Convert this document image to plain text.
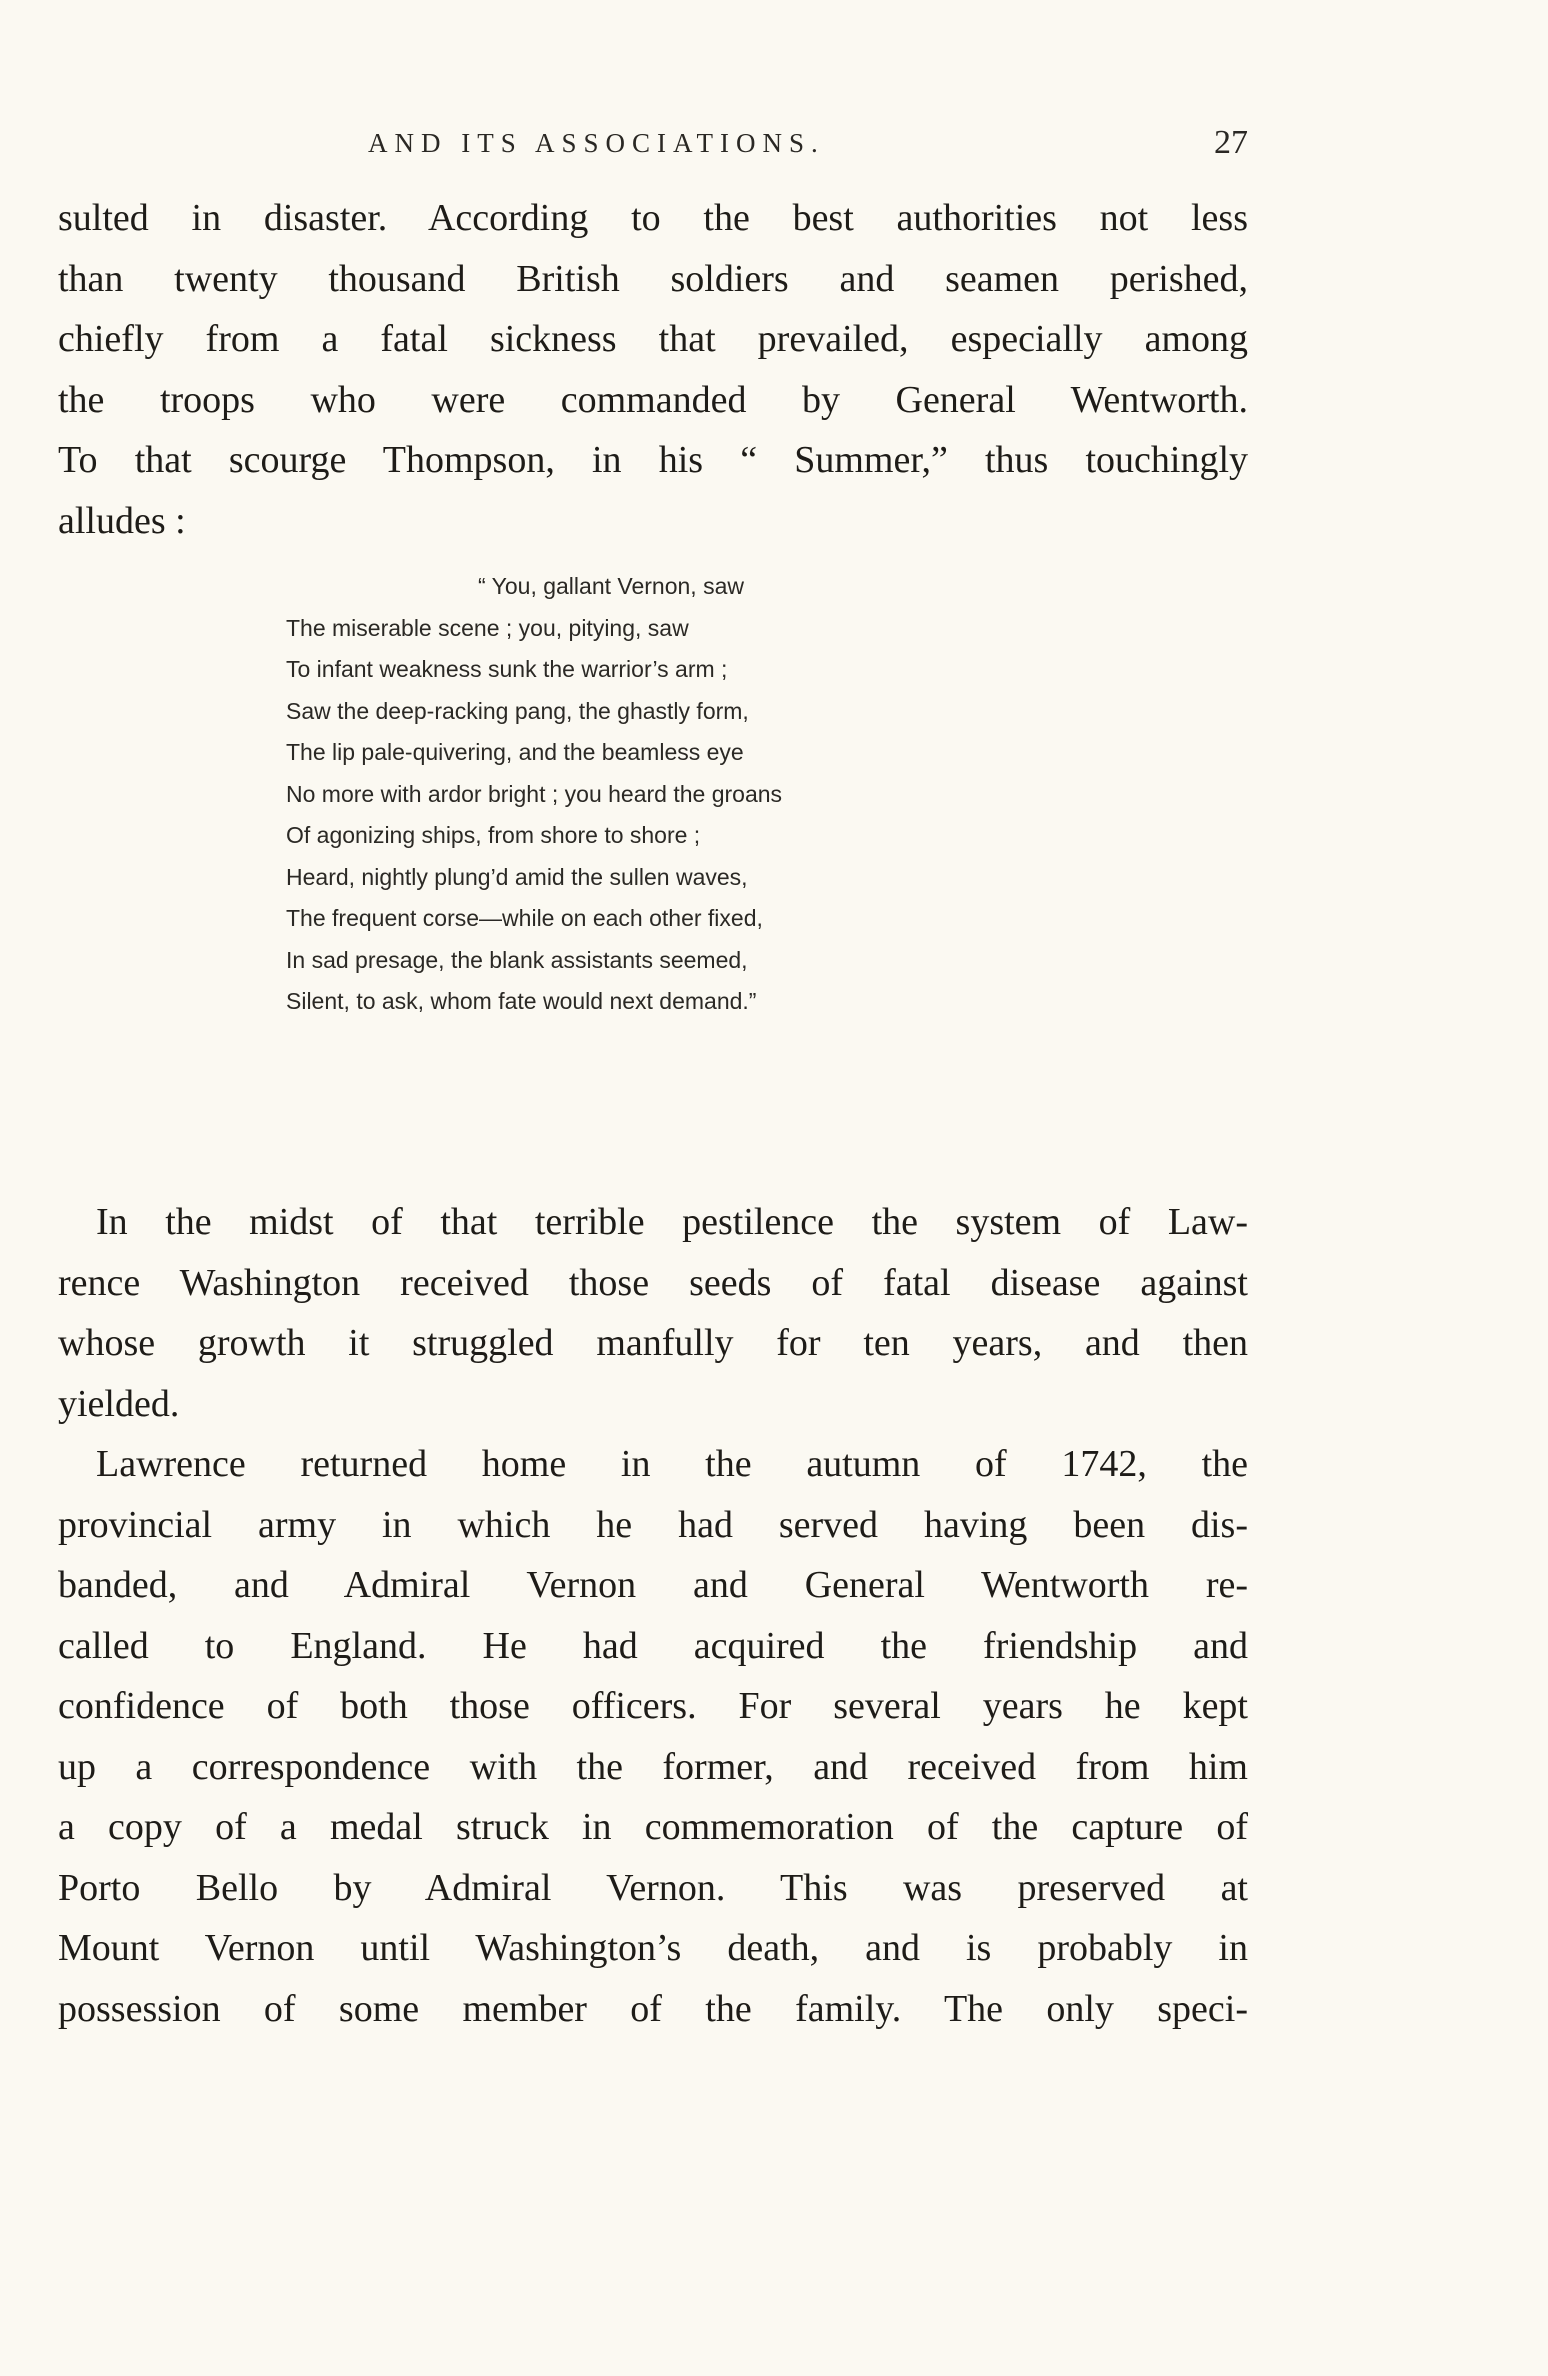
AND ITS ASSOCIATIONS.	27
sulted in disaster. According to the best authorities not less
than twenty thousand British soldiers and seamen perished,
chiefly from a fatal sickness that prevailed, especially among
the troops who were commanded by General Wentworth.
To that scourge Thompson, in his “ Summer,” thus touchingly
alludes :
“ You, gallant Vernon, saw
The miserable scene ; you, pitying, saw
To infant weakness sunk the warrior’s arm ;
Saw the deep-racking pang, the ghastly form,
The lip pale-quivering, and the beamless eye
No more with ardor bright ; you heard the groans
Of agonizing ships, from shore to shore ;
Heard, nightly plung’d amid the sullen waves,
The frequent corse—while on each other fixed,
In sad presage, the blank assistants seemed,
Silent, to ask, whom fate would next demand.”
In the midst of that terrible pestilence the system of Law-
rence Washington received those seeds of fatal disease against
whose growth it struggled manfully for ten years, and then
yielded.
Lawrence returned home in the autumn of 1742, the
provincial army in which he had served having been dis-
banded, and Admiral Vernon and General Wentworth re-
called to England. He had acquired the friendship and
confidence of both those officers. For several years he kept
up a correspondence with the former, and received from him
a copy of a medal struck in commemoration of the capture of
Porto Bello by Admiral Vernon. This was preserved at
Mount Vernon until Washington’s death, and is probably in
possession of some member of the family. The only speci-
